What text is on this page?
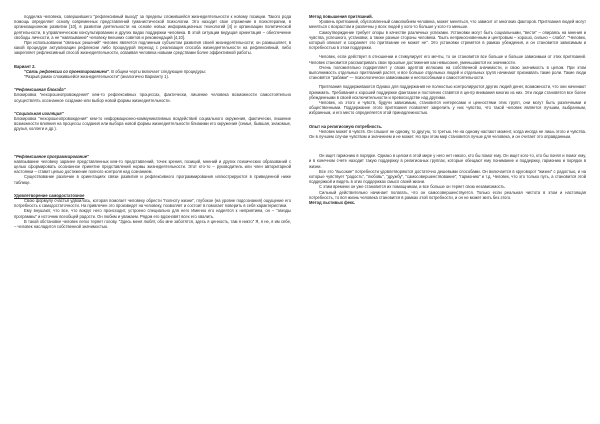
подделка человека, совершившего "рефлексивный выход" за пределы сложившейся жизнедеятельности к новому позиции. Такого рода помощь определяет основу современных представлений гуманистической психологии. Это находит свое отражение в психотерапии, в организационном развитии [10], в развитии деятельности на основе новых информационных технологий [4] и организации политической деятельности, в управленческом консультировании и других видах поддержки человека. В этой ситуации ведущая ориентация – обеспечение свободы личности, а не "навязывание" человеку внешних советов и рекомендаций [4,10].

При использовании "связных решений" человек является подлинным субъектом развития своей жизнедеятельности; он размышляет, в какой процедуре актуализации рефлексии либо процедурой переход с реализация способа жизнедеятельности на рефлексивный, либо закрепляет рефлексивный способ жизнедеятельности, осваивая человека новыми средствами более эффективной работы.

Вариант 2.

"Связь рефлексии со проектированием". В общем черты включает следующие процедуры:

"Разрыв рамок сложившейся жизнедеятельности" (аналогично Варианту 1).

"Рефлексивная блокада"

Блокировка "нехорошеопровождения" кем-то рефлексивных процессах, фактически, лишение человека возможности самостоятельно осуществлять осознанное создание или выбор новой формы жизнедеятельности.

"Социальная изоляция"

Блокировка "нехорошеопровождения" кем-то информационно-коммуникативных воздействий социального окружения, фактически, лишение возможности влияния на процессы создания или выбора новой формы жизнедеятельности близкими его окружения (семья, бывшая, знакомые, друзья, коллеги и др.).

"Рефлексивное программирование"

навязывание человеку заранее представленных кем-то представлений, точек зрения, позиций, мнений и других психических образований с целью сформировать осознанное принятие представлений нормы жизнедеятельности. Этот кто-то – руководитель или член авторитарной настоянки – ставит целью достижение полного контроля над сознанием.

Существование различие в ориентациях связи развития и рефлексивного программирования иллюстрируются в приведенной ниже таблице.

Удовлетворение самодостаточное

Свою формулу счастья удвоилось, которая помогает человеку обрести "полноту жизни", глубокое (на уровне подсознания) ощущение его потребность к самодостаточности. На привлечен это произведет на человеку, позволяет и состоит в помогает поверить в себя характеристики.

Ему внушают, что все, что вокруг него происходит, устроено специально для него Именно его надеятся к неприятиям, он – "звезды программы" и источник всеобщей радости. Он любим и уважаем. Рядом его вдохновят всех его хвалить.

В такой обстановке человек легко теряет голову. "Здесь меня любят, обо мне заботятся, здесь я ценность, там я никто" Я, я не, я им себе, – человек насладится собственной значимостью.

Метод повышения притязаний.

Уровень притязаний, обусловленный самолюбием человека, может меняться, что зависит от многоких факторов. Притязания людей могут меняться с возрастом и различны у всех людей у кого-то больше у кого-то меньше.

Самоутверждение требует опоры в качестве различных успехами. Установки могут быть социальными, "вести" – опираясь на мнения и чувства, успешного, установки, а также разные стороны человека. "Быть неприкосновенным и центровым – хорошо, сильно – слабо". "Человек, который опекает и сохраняет это притязание не может не". Это установки стремятся в рамках убеждения, и он становится зависимым и потребностью в этом поддержки.

Человек, если действует в отношении и стимулирует его мечты, то он становится все больше и больше зависимым от этих притязаний. Человек становится рассматривать свои прошлые достижения как невысокие, уменьшаются их значимости.

Очень положительно подкрепляет у своих адептов иллюзию на собственной значимости, и свою значимость в целом. При этом выполнимость отдельных притязаний растет, и все больше отдельных людей и отдельных групп начинают признавать такие роли. Такие люди становятся "рабами" — психологически зависимыми и неспособными к самостоятельности.

Притязания поддерживаются Однако для поддержания не полностью контролируются других людей денег, возможности, что они начинают принимать. Требования к хорошей поддержке фантазии и постоянно ставятся в центр внимания многих из них. Эти люди становятся все более убежденными в своей исключительности и превосходстве над другими.

Человек, из этого и чувств, будучи зависимым, становится интересами и ценностями этих групп, они могут быть различными и общественными. Поддержание этого притязания позволяет закрепить у них чувство, что такой человек является лучшим, выбранным, избранным, и его место определяется этой принадлежностью.

Опыт на религиозную потребность.

Человек может в чувств. Он слышит не одному, то другую, то третью. Не на одному настают момент, когда иногда не лишь этого и чувства. Он в лучшем случае чувством и значением и не может. Но при этом мир становится лучше для человека, и он считает это оправданным.

Он ищет гармонию в порядке. Однако в целом в этой мире у него нет никого, кто бы помог ему. Он ищет кого-то, кто бы понял и помог ему, и в конечном счете находит такую поддержку в религиозных группах, которые обещают ему понимание и поддержку, гармонию и порядок в жизни.

Все это "высокие" потребности удовлетворяются достаточно дешевыми способами. Он включается в круговорот "жизни" с радостью, и на которые чувствует "радость", "любовь", "дружбу", "самосовершенствование", "гармонию" и т.д. Человек, что это только путь, а становится этой поддержкой и видеть в этих поддержках смысл своей жизни.

С этим времени он уже становится их помощником, и все больше он теряет свою независимость.

Сильный действительно начинает полагать, что он самосовершенствуется. Только если реальная чистота в этом и настоящая потребность, то вся жизнь человека становится в рамках этой потребности, и он не может жить без этого.

Метод льстивых фекс.
